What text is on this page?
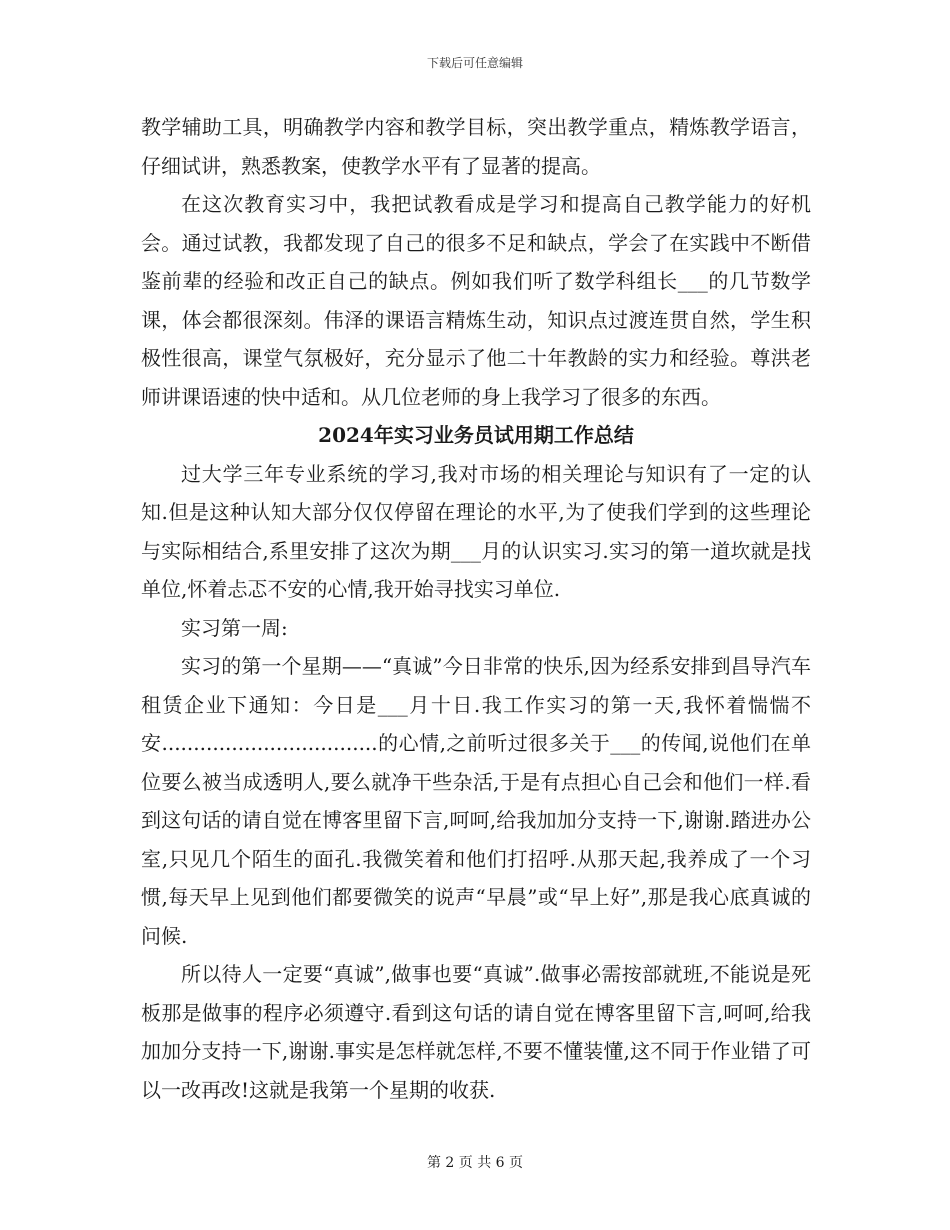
下载后可任意编辑

教学辅助工具，明确教学内容和教学目标，突出教学重点，精炼教学语言，仔细试讲，熟悉教案，使教学水平有了显著的提高。

在这次教育实习中，我把试教看成是学习和提高自己教学能力的好机会。通过试教，我都发现了自己的很多不足和缺点，学会了在实践中不断借鉴前辈的经验和改正自己的缺点。例如我们听了数学科组长___的几节数学课，体会都很深刻。伟泽的课语言精炼生动，知识点过渡连贯自然，学生积极性很高，课堂气氛极好，充分显示了他二十年教龄的实力和经验。尊洪老师讲课语速的快中适和。从几位老师的身上我学习了很多的东西。

2024年实习业务员试用期工作总结

过大学三年专业系统的学习,我对市场的相关理论与知识有了一定的认知.但是这种认知大部分仅仅停留在理论的水平,为了使我们学到的这些理论与实际相结合,系里安排了这次为期___月的认识实习.实习的第一道坎就是找单位,怀着忐忑不安的心情,我开始寻找实习单位.

实习第一周:

实习的第一个星期——“真诚”今日非常的快乐,因为经系安排到昌导汽车租赁企业下通知：今日是___月十日.我工作实习的第一天,我怀着惴惴不安..................................的心情,之前听过很多关于___的传闻,说他们在单位要么被当成透明人,要么就净干些杂活,于是有点担心自己会和他们一样.看到这句话的请自觉在博客里留下言,呵呵,给我加加分支持一下,谢谢.踏进办公室,只见几个陌生的面孔.我微笑着和他们打招呼.从那天起,我养成了一个习惯,每天早上见到他们都要微笑的说声“早晨”或“早上好”,那是我心底真诚的问候.

所以待人一定要“真诚”,做事也要“真诚”.做事必需按部就班,不能说是死板那是做事的程序必须遵守.看到这句话的请自觉在博客里留下言,呵呵,给我加加分支持一下,谢谢.事实是怎样就怎样,不要不懂装懂,这不同于作业错了可以一改再改!这就是我第一个星期的收获.

第 2 页 共 6 页
